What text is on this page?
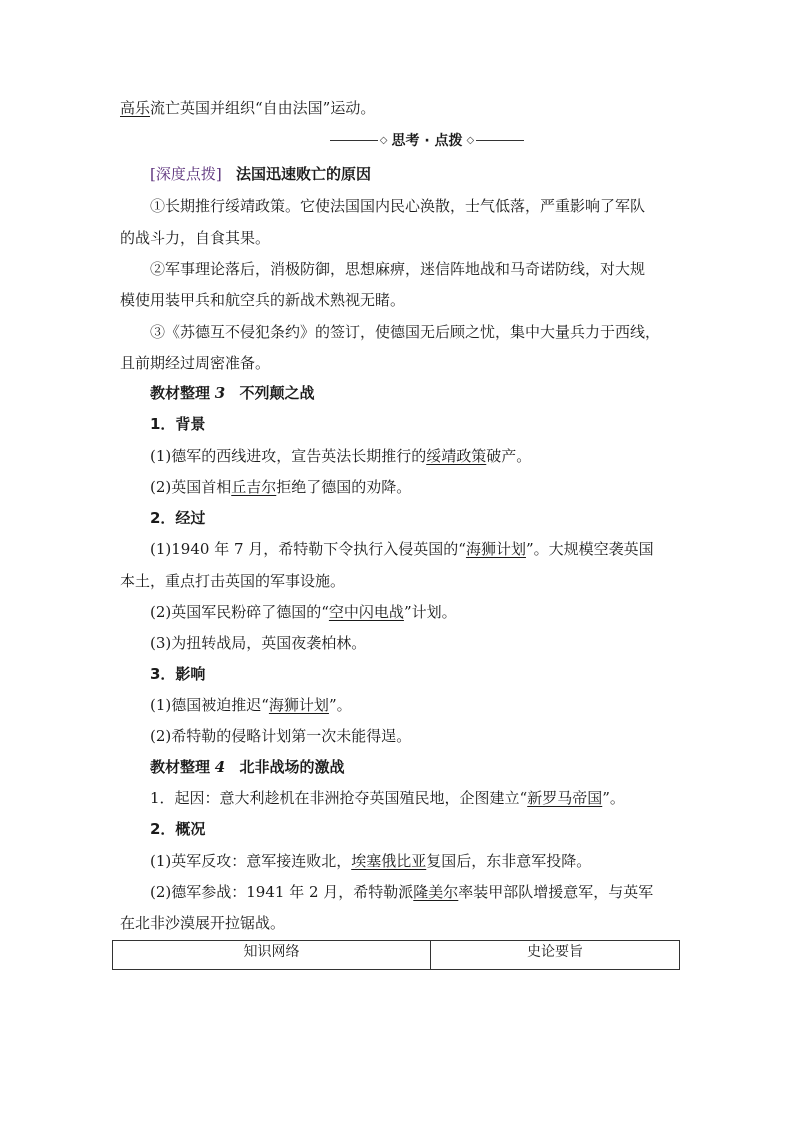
高乐流亡英国并组织“自由法国”运动。
◇ 思考 · 点拨 ◇
[深度点拨] 法国迅速败亡的原因
①长期推行绥靖政策。它使法国国内民心涣散，士气低落，严重影响了军队
的战斗力，自食其果。
②军事理论落后，消极防御，思想麻痹，迷信阵地战和马奇诺防线，对大规
模使用装甲兵和航空兵的新战术熟视无睹。
③《苏德互不侵犯条约》的签订，使德国无后顾之忧，集中大量兵力于西线，
且前期经过周密准备。
教材整理 3 不列颠之战
1．背景
(1)德军的西线进攻，宣告英法长期推行的绥靖政策破产。
(2)英国首相丘吉尔拒绝了德国的劝降。
2．经过
(1)1940 年 7 月，希特勒下令执行入侵英国的“海狮计划”。大规模空袭英国
本土，重点打击英国的军事设施。
(2)英国军民粉碎了德国的“空中闪电战”计划。
(3)为扭转战局，英国夜袭柏林。
3．影响
(1)德国被迫推迟“海狮计划”。
(2)希特勒的侵略计划第一次未能得逞。
教材整理 4 北非战场的激战
1．起因：意大利趁机在非洲抢夺英国殖民地，企图建立“新罗马帝国”。
2．概况
(1)英军反攻：意军接连败北，埃塞俄比亚复国后，东非意军投降。
(2)德军参战：1941 年 2 月，希特勒派隆美尔率装甲部队增援意军，与英军
在北非沙漠展开拉锯战。
知识网络	史论要旨
